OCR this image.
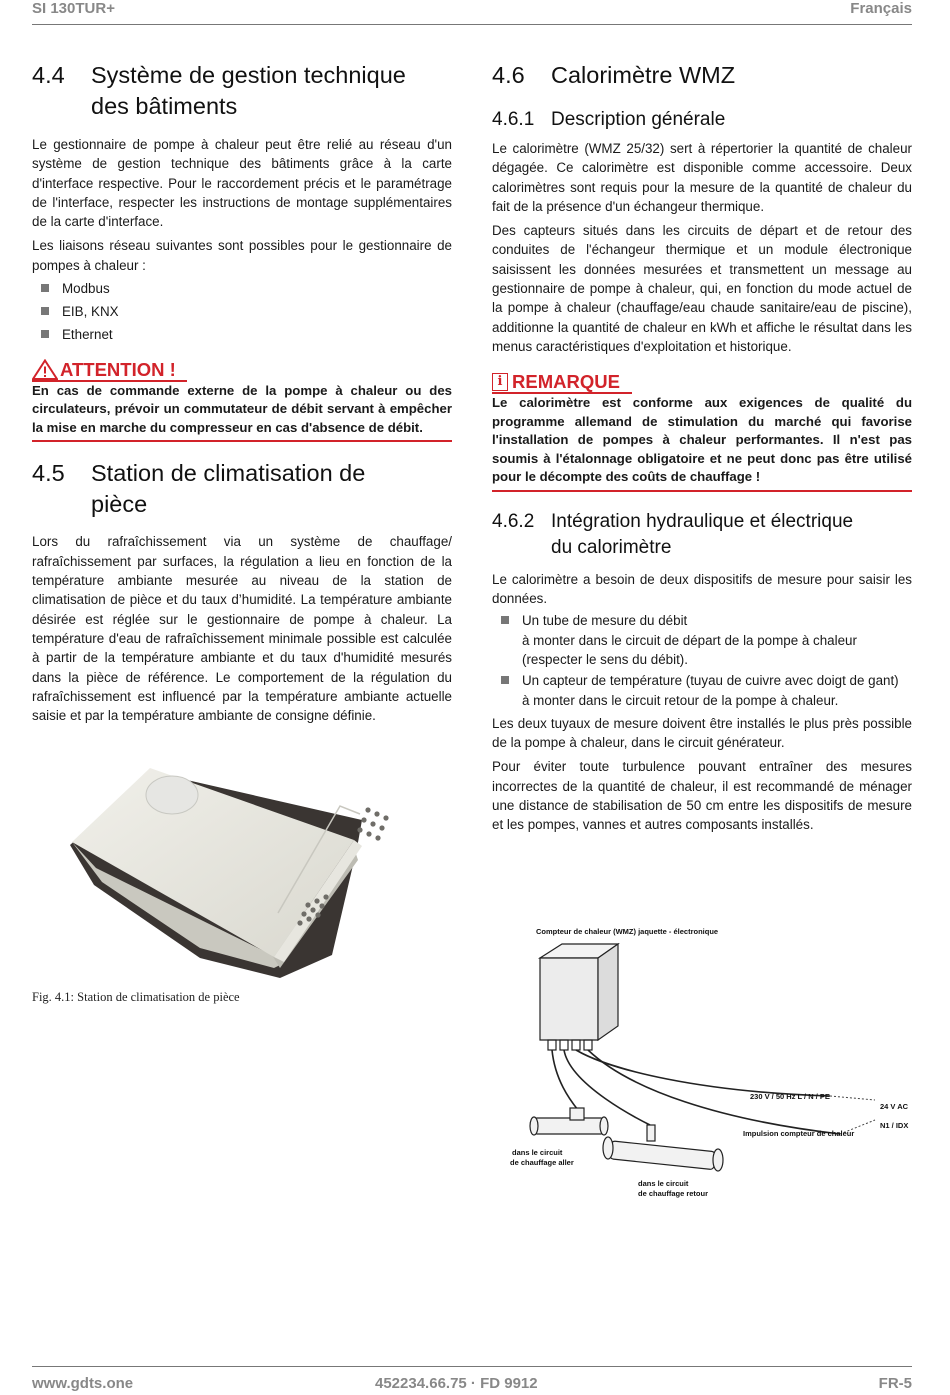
SI 130TUR+	Français
4.4	Système de gestion technique
des bâtiments

Le gestionnaire de pompe à chaleur peut être relié au réseau d'un système de gestion technique des bâtiments grâce à la carte d'interface respective. Pour le raccordement précis et le paramétrage de l'interface, respecter les instructions de montage supplémentaires de la carte d'interface.

Les liaisons réseau suivantes sont possibles pour le gestionnaire de pompes à chaleur :

Modbus
EIB, KNX
Ethernet
ATTENTION !
En cas de commande externe de la pompe à chaleur ou des circulateurs, prévoir un commutateur de débit servant à empêcher la mise en marche du compresseur en cas d'absence de débit.
4.5	Station de climatisation de
pièce

Lors du rafraîchissement via un système de chauffage/ rafraîchissement par surfaces, la régulation a lieu en fonction de la température ambiante mesurée au niveau de la station de climatisation de pièce et du taux d’humidité. La température ambiante désirée est réglée sur le gestionnaire de pompe à chaleur. La température d'eau de rafraîchissement minimale possible est calculée à partir de la température ambiante et du taux d'humidité mesurés dans la pièce de référence. Le comportement de la régulation du rafraîchissement est influencé par la température ambiante actuelle saisie et par la température ambiante de consigne définie.

Fig. 4.1: Station de climatisation de pièce
4.6	Calorimètre WMZ
4.6.1 Description générale

Le calorimètre (WMZ 25/32) sert à répertorier la quantité de chaleur dégagée. Ce calorimètre est disponible comme accessoire. Deux calorimètres sont requis pour la mesure de la quantité de chaleur du fait de la présence d'un échangeur thermique.

Des capteurs situés dans les circuits de départ et de retour des conduites de l'échangeur thermique et un module électronique saisissent les données mesurées et transmettent un message au gestionnaire de pompe à chaleur, qui, en fonction du mode actuel de la pompe à chaleur (chauffage/eau chaude sanitaire/eau de piscine), additionne la quantité de chaleur en kWh et affiche le résultat dans les menus caractéristiques d'exploitation et historique.

i REMARQUE
Le calorimètre est conforme aux exigences de qualité du programme allemand de stimulation du marché qui favorise l'installation de pompes à chaleur performantes. Il n'est pas soumis à l'étalonnage obligatoire et ne peut donc pas être utilisé pour le décompte des coûts de chauffage !
4.6.2 Intégration hydraulique et électrique
du calorimètre

Le calorimètre a besoin de deux dispositifs de mesure pour saisir les données.

Un tube de mesure du débit
à monter dans le circuit de départ de la pompe à chaleur (respecter le sens du débit).
Un capteur de température (tuyau de cuivre avec doigt de gant)
à monter dans le circuit retour de la pompe à chaleur.

Les deux tuyaux de mesure doivent être installés le plus près possible de la pompe à chaleur, dans le circuit générateur.

Pour éviter toute turbulence pouvant entraîner des mesures incorrectes de la quantité de chaleur, il est recommandé de ménager une distance de stabilisation de 50 cm entre les dispositifs de mesure et les pompes, vannes et autres composants installés.

Compteur de chaleur (WMZ) jaquette - électronique
230 V / 50 Hz L / N / PE
24 V AC
N1 / IDX
Impulsion compteur de chaleur
dans le circuit
de chauffage aller
dans le circuit
de chauffage retour
www.gdts.one	452234.66.75 · FD 9912	FR-5
